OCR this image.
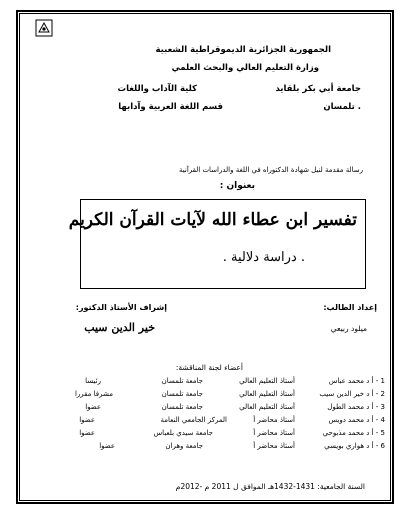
الجمهورية الجزائرية الديموقراطية الشعبية
وزارة التعليم العالي والبحث العلمي
جامعة أبي بكر بلقايد
كلية الآداب واللغات
. تلمسان
قسم اللغة العربية وآدابها
رسالة مقدمة لنيل شهادة الدكتوراه في اللغة والدراسات القرآنية
بعنوان :
تفسير ابن عطاء الله لآيات القرآن الكريم
. دراسة دلالية .
إعداد الطالب:
إشراف الأستاذ الدكتور:
ميلود ربيعي
خير الدين سيب
أعضاء لجنة المناقشة:
1 - أ د محمد عباس
أستاذ التعليم العالي
جامعة تلمسان
رئيسا
2 - أ د خير الدين سيب
أستاذ التعليم العالي
جامعة تلمسان
مشرفا مقررا
3 - أ د محمد الطول
أستاذ التعليم العالي
جامعة تلمسان
عضوا
4 - أ د محمد دويس
أستاذ محاضر أ
المركز الجامعي النعامة
عضوا
5 - أ د محمد مذبوحي
أستاذ محاضر أ
جامعة سيدي بلعباس
عضوا
6 - أ د هواري بويسي
أستاذ محاضر أ
جامعة وهران
عضوا
السنة الجامعية: 1431-1432هـ الموافق ل 2011 م -2012م
